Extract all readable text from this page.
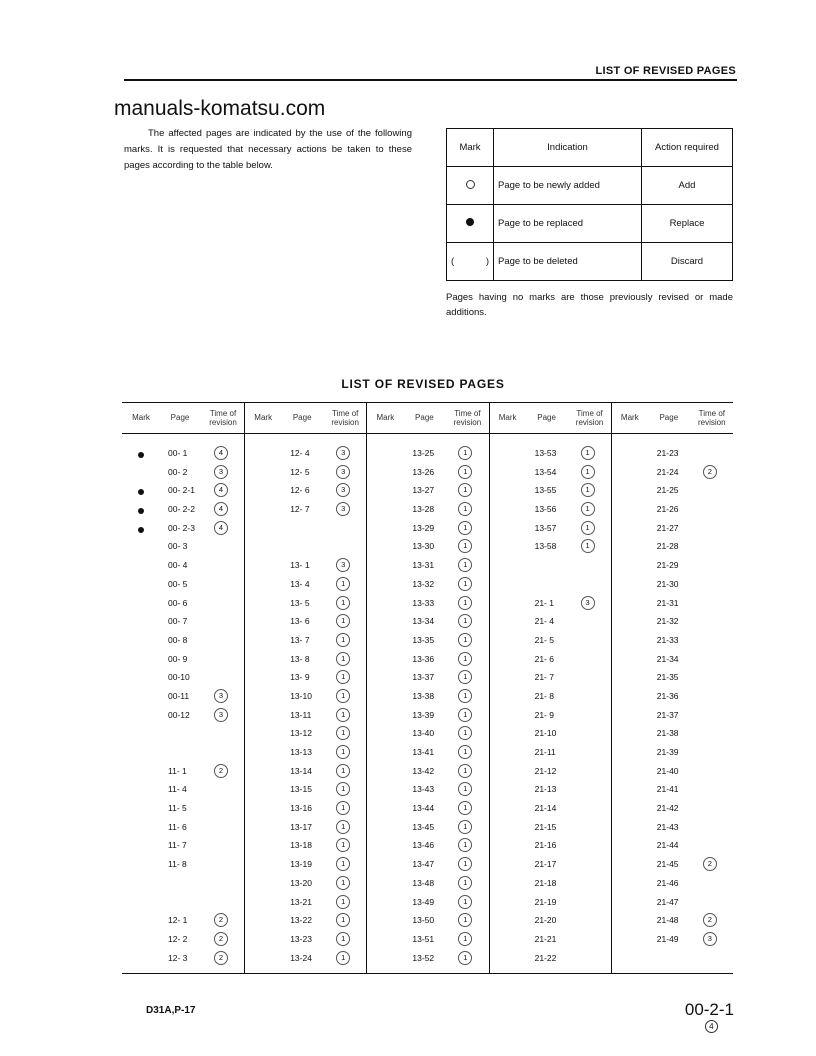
LIST OF REVISED PAGES
manuals-komatsu.com
The affected pages are indicated by the use of the following marks. It is requested that necessary actions be taken to these pages according to the table below.
Mark	Indication	Action required
	Page to be newly added	Add
	Page to be replaced	Replace

( )	Page to be deleted	Discard
Pages having no marks are those previously revised or made additions.
LIST OF REVISED PAGES
Mark	Page	Time of revision
00- 1	4
00- 2	3
00- 2-1	4
00- 2-2	4
00- 2-3	4
00- 3
00- 4
00- 5
00- 6
00- 7
00- 8
00- 9
00-10
00-11	3
00-12	3
11- 1	2
11- 4
11- 5
11- 6
11- 7
11- 8
12- 1	2
12- 2	2
12- 3	2
Mark	Page	Time of revision
12- 4	3
12- 5	3
12- 6	3
12- 7	3
13- 1	3
13- 4	1
13- 5	1
13- 6	1
13- 7	1
13- 8	1
13- 9	1
13-10	1
13-11	1
13-12	1
13-13	1
13-14	1
13-15	1
13-16	1
13-17	1
13-18	1
13-19	1
13-20	1
13-21	1
13-22	1
13-23	1
13-24	1
Mark	Page	Time of revision
13-25	1
13-26	1
13-27	1
13-28	1
13-29	1
13-30	1
13-31	1
13-32	1
13-33	1
13-34	1
13-35	1
13-36	1
13-37	1
13-38	1
13-39	1
13-40	1
13-41	1
13-42	1
13-43	1
13-44	1
13-45	1
13-46	1
13-47	1
13-48	1
13-49	1
13-50	1
13-51	1
13-52	1
Mark	Page	Time of revision
13-53	1
13-54	1
13-55	1
13-56	1
13-57	1
13-58	1
21- 1	3
21- 4
21- 5
21- 6
21- 7
21- 8
21- 9
21-10
21-11
21-12
21-13
21-14
21-15
21-16
21-17
21-18
21-19
21-20
21-21
21-22
Mark	Page	Time of revision
21-23
21-24	2
21-25
21-26
21-27
21-28
21-29
21-30
21-31
21-32
21-33
21-34
21-35
21-36
21-37
21-38
21-39
21-40
21-41
21-42
21-43
21-44
21-45	2
21-46
21-47
21-48	2
21-49	3
D31A,P-17	00-2-1
4
